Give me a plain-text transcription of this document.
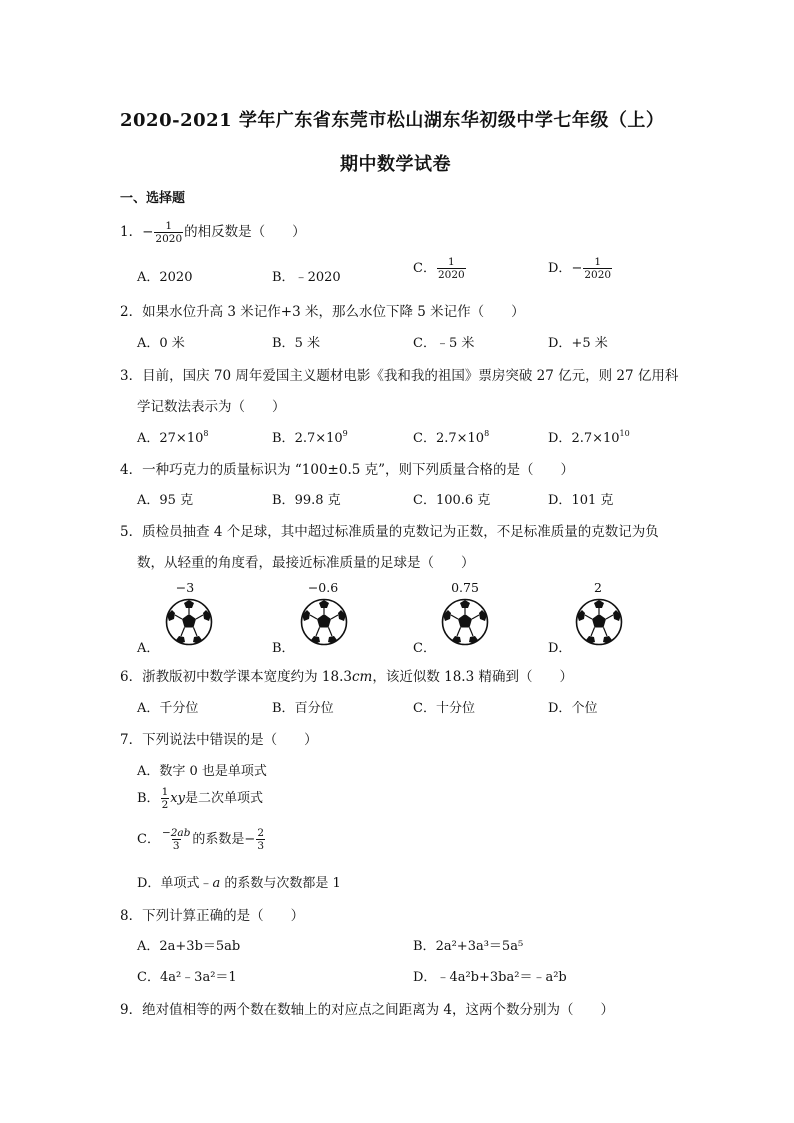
2020-2021 学年广东省东莞市松山湖东华初级中学七年级（上）
期中数学试卷
一、选择题
1．− $\frac{1}{2020}$ 的相反数是（　　）
A．2020	B．﹣2020
C． $\frac{1}{2020}$	D．− $\frac{1}{2020}$
2．如果水位升高 3 米记作+3 米，那么水位下降 5 米记作（　　）
A．0 米	B．5 米	C．﹣5 米	D．+5 米
3．目前，国庆 70 周年爱国主义题材电影《我和我的祖国》票房突破 27 亿元，则 27 亿用科
学记数法表示为（　　）
A．$27\times 10^8$	B．$2.7\times 10^9$	C．$2.7\times 10^8$	D．$2.7\times 10^{10}$
4．一种巧克力的质量标识为 “100±0.5 克”，则下列质量合格的是（　　）
A．95 克	B．99.8 克	C．100.6 克	D．101 克
5．质检员抽查 4 个足球，其中超过标准质量的克数记为正数，不足标准质量的克数记为负
数，从轻重的角度看，最接近标准质量的足球是（　　）
−3	−0.6	0.75	2
A．	B．	C．	D．
6．浙教版初中数学课本宽度约为 18.3cm，该近似数 18.3 精确到（　　）
A．千分位	B．百分位	C．十分位	D．个位
7．下列说法中错误的是（　　）
A．数字 0 也是单项式
B． $\frac{1}{2}$ xy是二次单项式
C． $\frac{-2ab}{3}$ 的系数是− $\frac{2}{3}$
D．单项式﹣a 的系数与次数都是 1
8．下列计算正确的是（　　）
A．2a+3b＝5ab	B．2a²+3a³＝5a⁵
C．4a²﹣3a²＝1	D．﹣4a²b+3ba²＝﹣a²b
9．绝对值相等的两个数在数轴上的对应点之间距离为 4，这两个数分别为（　　）
